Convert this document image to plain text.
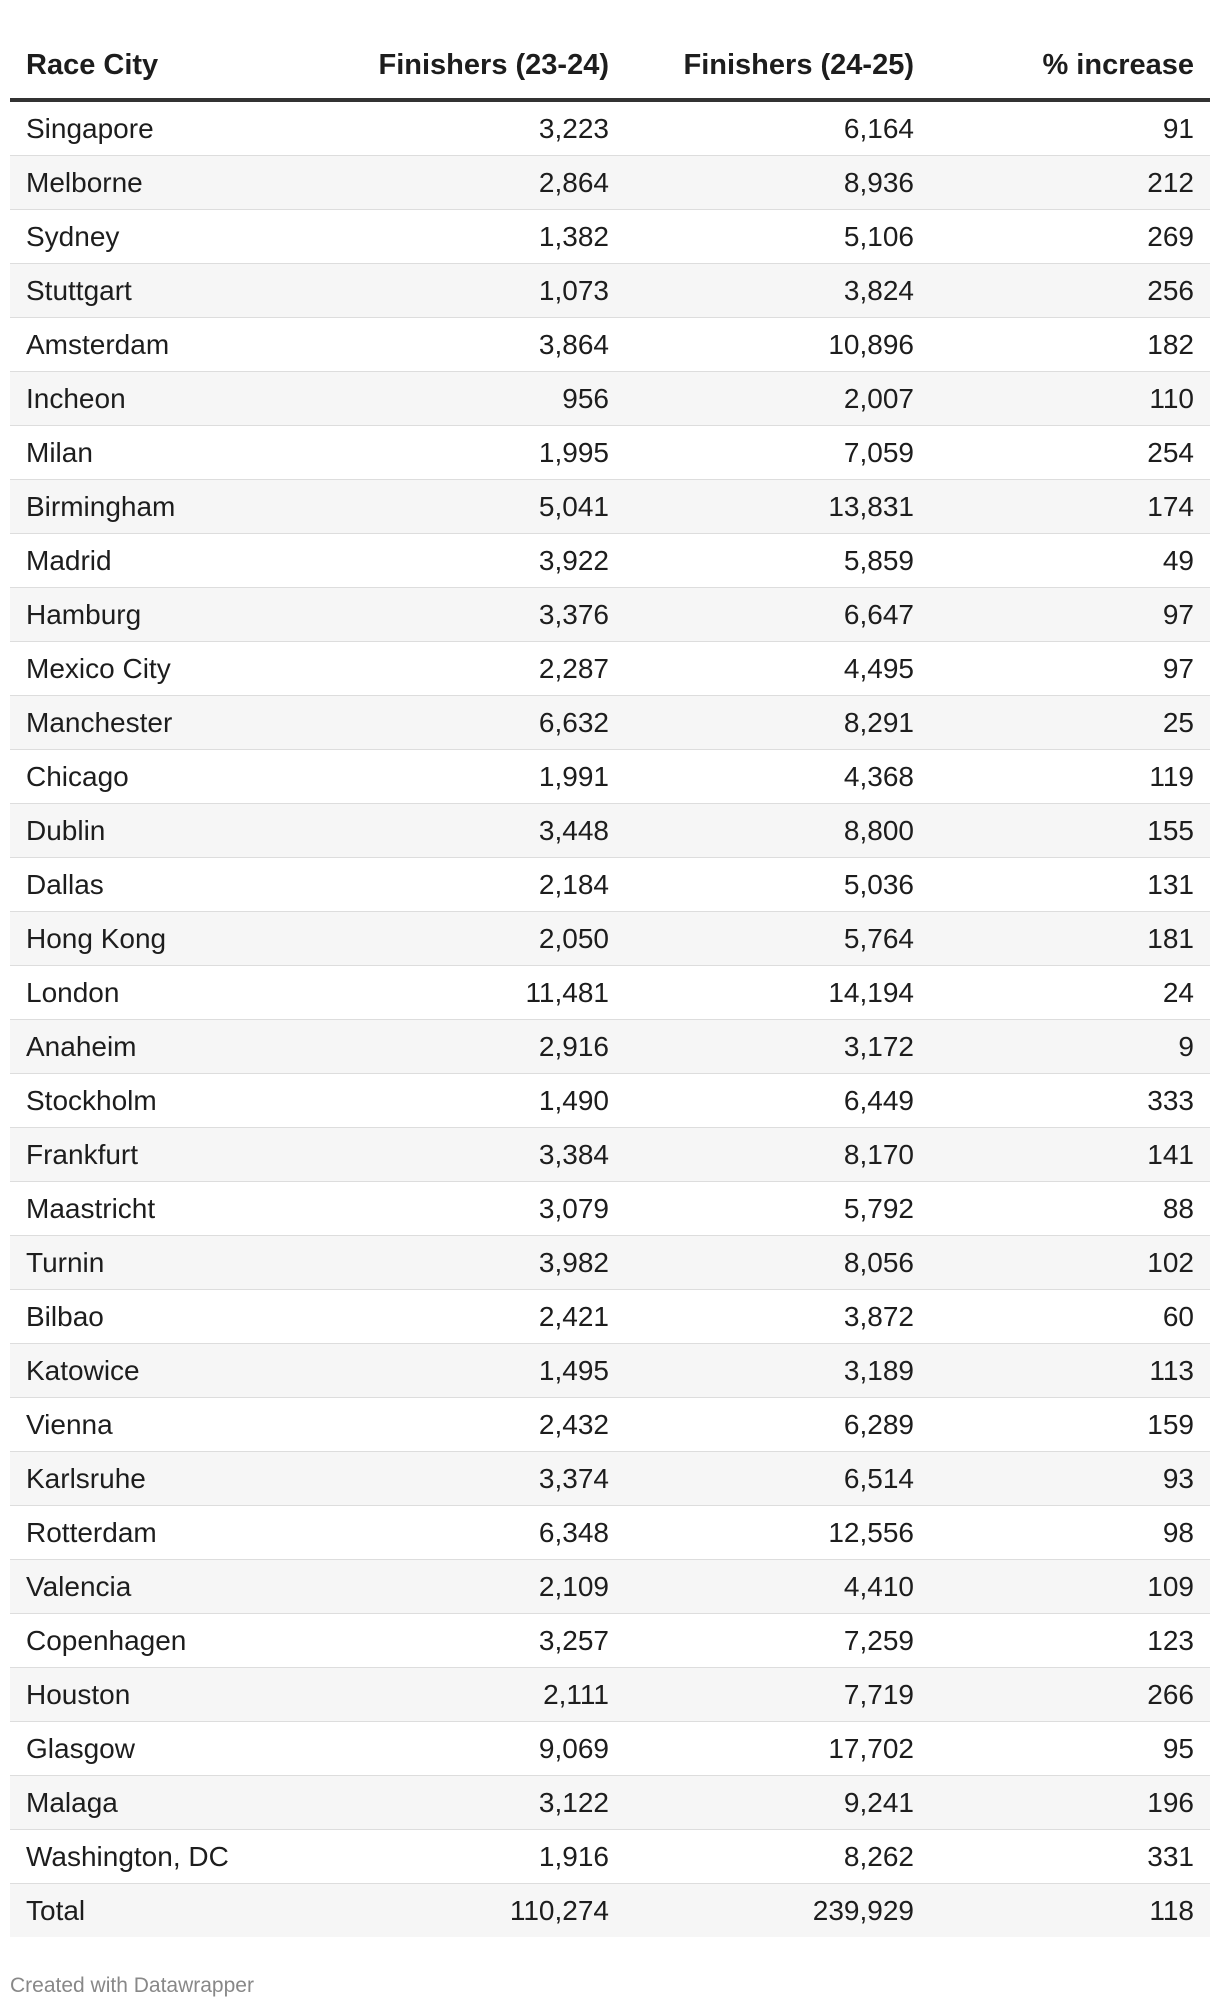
Race City	Finishers (23-24)	Finishers (24-25)	% increase
Singapore	3,223	6,164	91
Melborne	2,864	8,936	212
Sydney	1,382	5,106	269
Stuttgart	1,073	3,824	256
Amsterdam	3,864	10,896	182
Incheon	956	2,007	110
Milan	1,995	7,059	254
Birmingham	5,041	13,831	174
Madrid	3,922	5,859	49
Hamburg	3,376	6,647	97
Mexico City	2,287	4,495	97
Manchester	6,632	8,291	25
Chicago	1,991	4,368	119
Dublin	3,448	8,800	155
Dallas	2,184	5,036	131
Hong Kong	2,050	5,764	181
London	11,481	14,194	24
Anaheim	2,916	3,172	9
Stockholm	1,490	6,449	333
Frankfurt	3,384	8,170	141
Maastricht	3,079	5,792	88
Turnin	3,982	8,056	102
Bilbao	2,421	3,872	60
Katowice	1,495	3,189	113
Vienna	2,432	6,289	159
Karlsruhe	3,374	6,514	93
Rotterdam	6,348	12,556	98
Valencia	2,109	4,410	109
Copenhagen	3,257	7,259	123
Houston	2,111	7,719	266
Glasgow	9,069	17,702	95
Malaga	3,122	9,241	196
Washington, DC	1,916	8,262	331
Total	110,274	239,929	118
Created with Datawrapper
